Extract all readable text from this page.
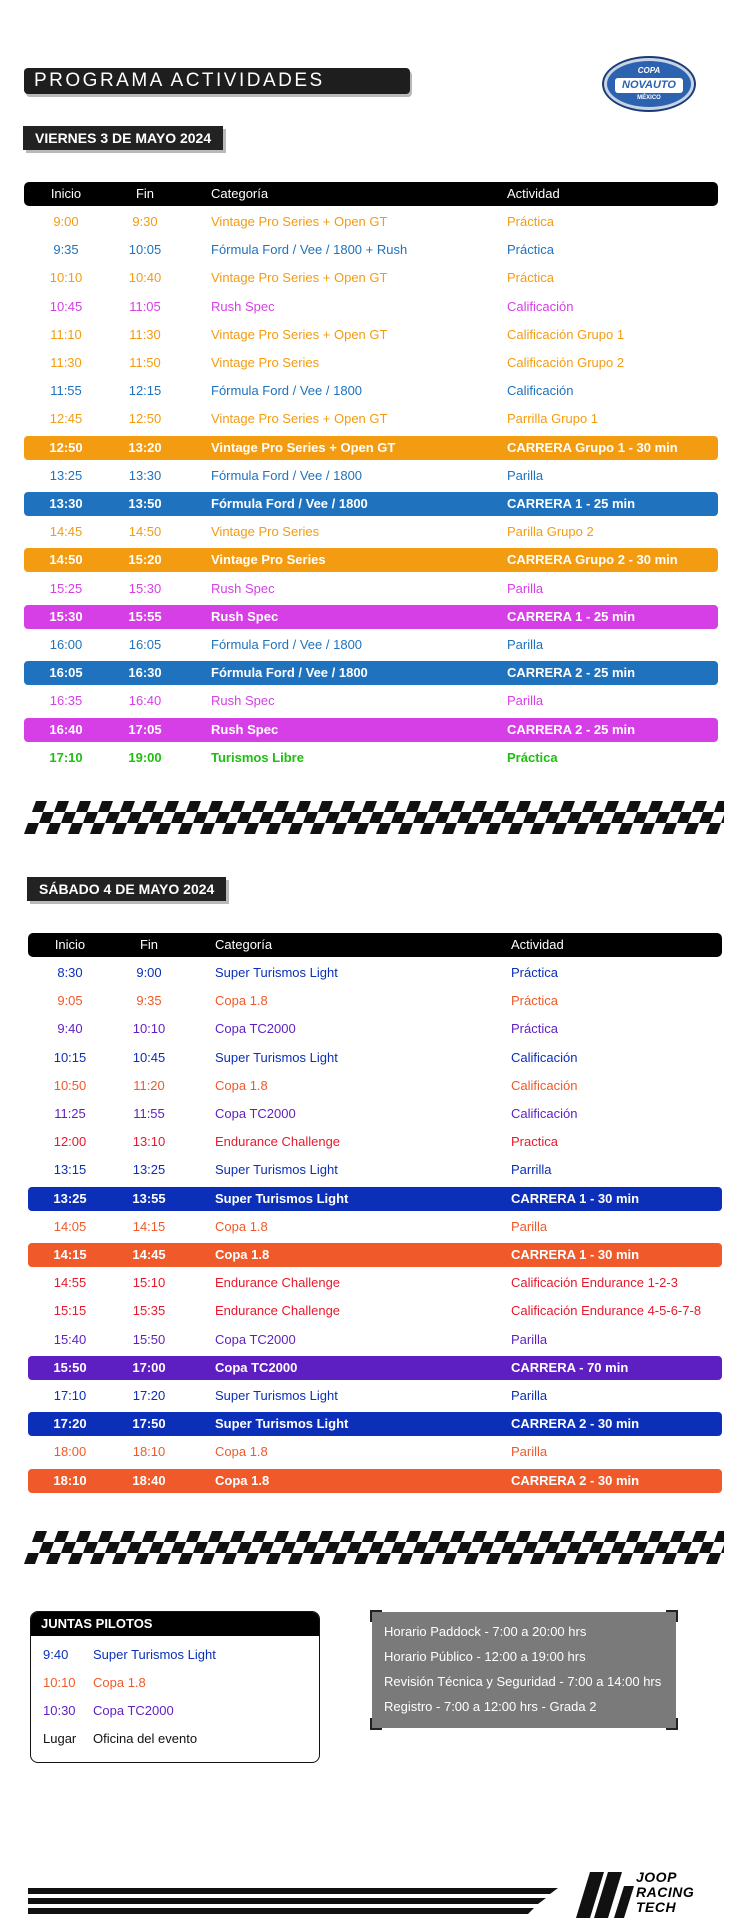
PROGRAMA ACTIVIDADES	COPA
NOVAUTO
MÉXICO
VIERNES 3 DE MAYO 2024
Inicio	Fin	Categoría	Actividad
9:00	9:30	Vintage Pro Series + Open GT	Práctica
9:35	10:05	Fórmula Ford / Vee / 1800 + Rush	Práctica
10:10	10:40	Vintage Pro Series + Open GT	Práctica
10:45	11:05	Rush Spec	Calificación
11:10	11:30	Vintage Pro Series + Open GT	Calificación Grupo 1
11:30	11:50	Vintage Pro Series	Calificación Grupo 2
11:55	12:15	Fórmula Ford / Vee / 1800	Calificación
12:45	12:50	Vintage Pro Series + Open GT	Parrilla Grupo 1
12:50	13:20	Vintage Pro Series + Open GT	CARRERA Grupo 1 - 30 min
13:25	13:30	Fórmula Ford / Vee / 1800	Parilla
13:30	13:50	Fórmula Ford / Vee / 1800	CARRERA 1 - 25 min
14:45	14:50	Vintage Pro Series	Parilla Grupo 2
14:50	15:20	Vintage Pro Series	CARRERA Grupo 2 - 30 min
15:25	15:30	Rush Spec	Parilla
15:30	15:55	Rush Spec	CARRERA 1 - 25 min
16:00	16:05	Fórmula Ford / Vee / 1800	Parilla
16:05	16:30	Fórmula Ford / Vee / 1800	CARRERA 2 - 25 min
16:35	16:40	Rush Spec	Parilla
16:40	17:05	Rush Spec	CARRERA 2 - 25 min
17:10	19:00	Turismos Libre	Práctica
SÁBADO 4 DE MAYO 2024
Inicio	Fin	Categoría	Actividad
8:30	9:00	Super Turismos Light	Práctica
9:05	9:35	Copa 1.8	Práctica
9:40	10:10	Copa TC2000	Práctica
10:15	10:45	Super Turismos Light	Calificación
10:50	11:20	Copa 1.8	Calificación
11:25	11:55	Copa TC2000	Calificación
12:00	13:10	Endurance Challenge	Practica
13:15	13:25	Super Turismos Light	Parrilla
13:25	13:55	Super Turismos Light	CARRERA 1 - 30 min
14:05	14:15	Copa 1.8	Parilla
14:15	14:45	Copa 1.8	CARRERA 1 - 30 min
14:55	15:10	Endurance Challenge	Calificación Endurance 1-2-3
15:15	15:35	Endurance Challenge	Calificación Endurance 4-5-6-7-8
15:40	15:50	Copa TC2000	Parilla
15:50	17:00	Copa TC2000	CARRERA - 70 min
17:10	17:20	Super Turismos Light	Parilla
17:20	17:50	Super Turismos Light	CARRERA 2 - 30 min
18:00	18:10	Copa 1.8	Parilla
18:10	18:40	Copa 1.8	CARRERA 2 - 30 min
JUNTAS PILOTOS
9:40 Super Turismos Light
10:10 Copa 1.8
10:30 Copa TC2000
Lugar Oficina del evento
Horario Paddock - 7:00 a 20:00 hrs
Horario Público - 12:00 a 19:00 hrs
Revisión Técnica y Seguridad - 7:00 a 14:00 hrs
Registro - 7:00 a 12:00 hrs - Grada 2
JOOP
RACING
TECH
